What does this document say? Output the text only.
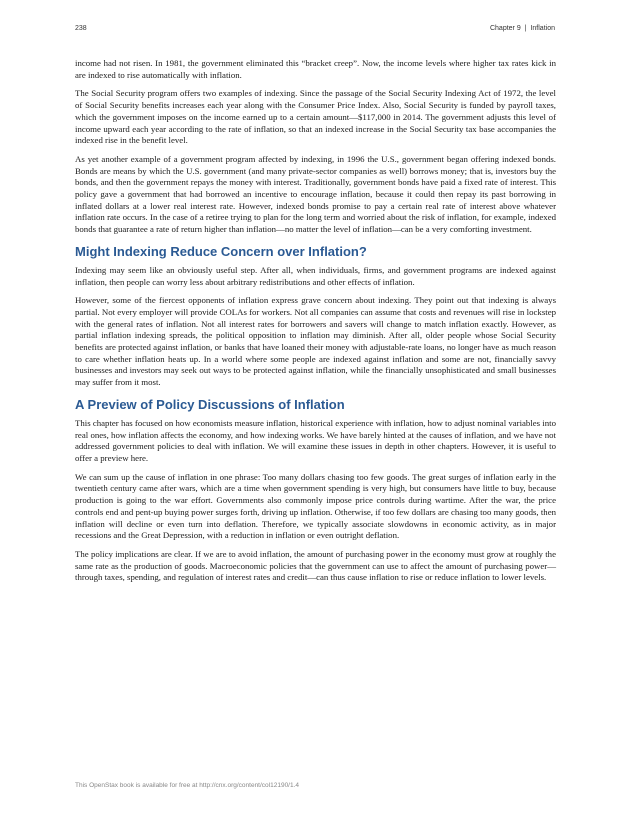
238	Chapter 9 | Inflation

income had not risen. In 1981, the government eliminated this “bracket creep”. Now, the income levels where higher tax rates kick in are indexed to rise automatically with inflation.

The Social Security program offers two examples of indexing. Since the passage of the Social Security Indexing Act of 1972, the level of Social Security benefits increases each year along with the Consumer Price Index. Also, Social Security is funded by payroll taxes, which the government imposes on the income earned up to a certain amount—$117,000 in 2014. The government adjusts this level of income upward each year according to the rate of inflation, so that an indexed increase in the Social Security tax base accompanies the indexed rise in the benefit level.

As yet another example of a government program affected by indexing, in 1996 the U.S., government began offering indexed bonds. Bonds are means by which the U.S. government (and many private-sector companies as well) borrows money; that is, investors buy the bonds, and then the government repays the money with interest. Traditionally, government bonds have paid a fixed rate of interest. This policy gave a government that had borrowed an incentive to encourage inflation, because it could then repay its past borrowing in inflated dollars at a lower real interest rate. However, indexed bonds promise to pay a certain real rate of interest above whatever inflation rate occurs. In the case of a retiree trying to plan for the long term and worried about the risk of inflation, for example, indexed bonds that guarantee a rate of return higher than inflation—no matter the level of inflation—can be a very comforting investment.

Might Indexing Reduce Concern over Inflation?

Indexing may seem like an obviously useful step. After all, when individuals, firms, and government programs are indexed against inflation, then people can worry less about arbitrary redistributions and other effects of inflation.

However, some of the fiercest opponents of inflation express grave concern about indexing. They point out that indexing is always partial. Not every employer will provide COLAs for workers. Not all companies can assume that costs and revenues will rise in lockstep with the general rates of inflation. Not all interest rates for borrowers and savers will change to match inflation exactly. However, as partial inflation indexing spreads, the political opposition to inflation may diminish. After all, older people whose Social Security benefits are protected against inflation, or banks that have loaned their money with adjustable-rate loans, no longer have as much reason to care whether inflation heats up. In a world where some people are indexed against inflation and some are not, financially savvy businesses and investors may seek out ways to be protected against inflation, while the financially unsophisticated and small businesses may suffer from it most.

A Preview of Policy Discussions of Inflation

This chapter has focused on how economists measure inflation, historical experience with inflation, how to adjust nominal variables into real ones, how inflation affects the economy, and how indexing works. We have barely hinted at the causes of inflation, and we have not addressed government policies to deal with inflation. We will examine these issues in depth in other chapters. However, it is useful to offer a preview here.

We can sum up the cause of inflation in one phrase: Too many dollars chasing too few goods. The great surges of inflation early in the twentieth century came after wars, which are a time when government spending is very high, but consumers have little to buy, because production is going to the war effort. Governments also commonly impose price controls during wartime. After the war, the price controls end and pent-up buying power surges forth, driving up inflation. Otherwise, if too few dollars are chasing too many goods, then inflation will decline or even turn into deflation. Therefore, we typically associate slowdowns in economic activity, as in major recessions and the Great Depression, with a reduction in inflation or even outright deflation.

The policy implications are clear. If we are to avoid inflation, the amount of purchasing power in the economy must grow at roughly the same rate as the production of goods. Macroeconomic policies that the government can use to affect the amount of purchasing power—through taxes, spending, and regulation of interest rates and credit—can thus cause inflation to rise or reduce inflation to lower levels.

This OpenStax book is available for free at http://cnx.org/content/col12190/1.4
